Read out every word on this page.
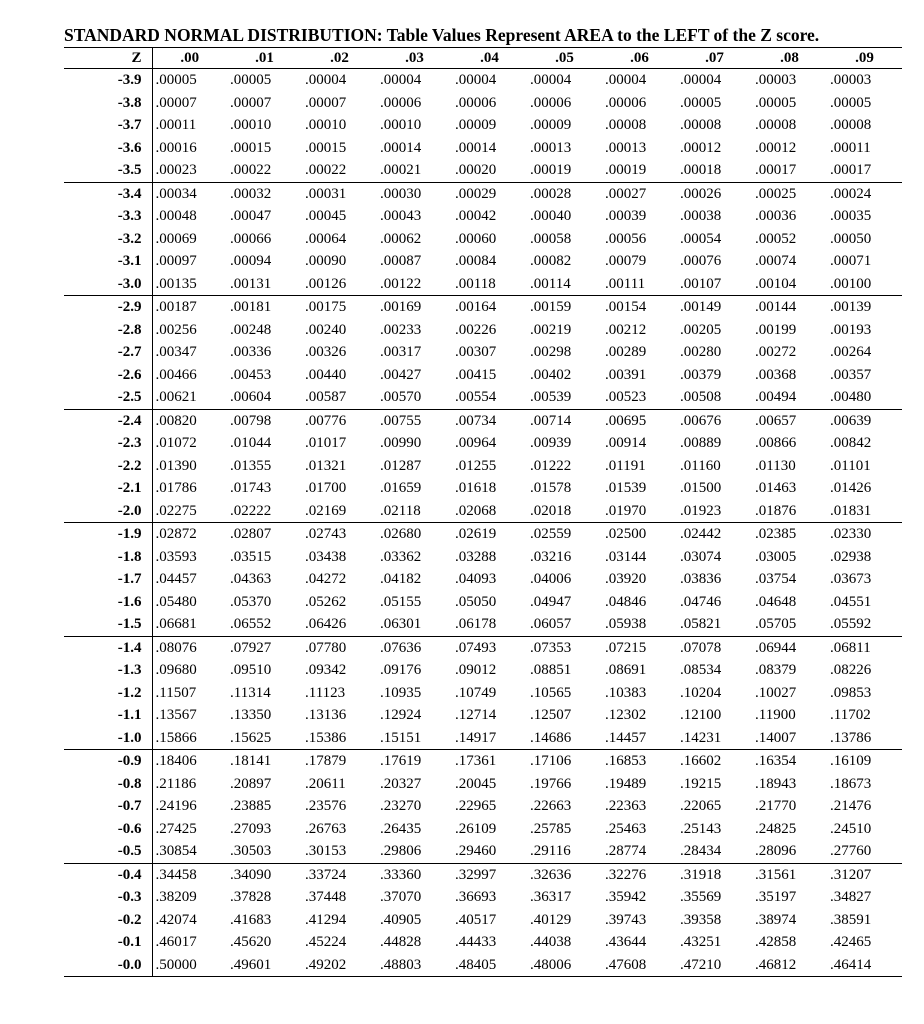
STANDARD NORMAL DISTRIBUTION: Table Values Represent AREA to the LEFT of the Z score.
Z	.00	.01	.02	.03	.04	.05	.06	.07	.08	.09
-3.9	.00005	.00005	.00004	.00004	.00004	.00004	.00004	.00004	.00003	.00003
-3.8	.00007	.00007	.00007	.00006	.00006	.00006	.00006	.00005	.00005	.00005
-3.7	.00011	.00010	.00010	.00010	.00009	.00009	.00008	.00008	.00008	.00008
-3.6	.00016	.00015	.00015	.00014	.00014	.00013	.00013	.00012	.00012	.00011
-3.5	.00023	.00022	.00022	.00021	.00020	.00019	.00019	.00018	.00017	.00017
-3.4	.00034	.00032	.00031	.00030	.00029	.00028	.00027	.00026	.00025	.00024
-3.3	.00048	.00047	.00045	.00043	.00042	.00040	.00039	.00038	.00036	.00035
-3.2	.00069	.00066	.00064	.00062	.00060	.00058	.00056	.00054	.00052	.00050
-3.1	.00097	.00094	.00090	.00087	.00084	.00082	.00079	.00076	.00074	.00071
-3.0	.00135	.00131	.00126	.00122	.00118	.00114	.00111	.00107	.00104	.00100
-2.9	.00187	.00181	.00175	.00169	.00164	.00159	.00154	.00149	.00144	.00139
-2.8	.00256	.00248	.00240	.00233	.00226	.00219	.00212	.00205	.00199	.00193
-2.7	.00347	.00336	.00326	.00317	.00307	.00298	.00289	.00280	.00272	.00264
-2.6	.00466	.00453	.00440	.00427	.00415	.00402	.00391	.00379	.00368	.00357
-2.5	.00621	.00604	.00587	.00570	.00554	.00539	.00523	.00508	.00494	.00480
-2.4	.00820	.00798	.00776	.00755	.00734	.00714	.00695	.00676	.00657	.00639
-2.3	.01072	.01044	.01017	.00990	.00964	.00939	.00914	.00889	.00866	.00842
-2.2	.01390	.01355	.01321	.01287	.01255	.01222	.01191	.01160	.01130	.01101
-2.1	.01786	.01743	.01700	.01659	.01618	.01578	.01539	.01500	.01463	.01426
-2.0	.02275	.02222	.02169	.02118	.02068	.02018	.01970	.01923	.01876	.01831
-1.9	.02872	.02807	.02743	.02680	.02619	.02559	.02500	.02442	.02385	.02330
-1.8	.03593	.03515	.03438	.03362	.03288	.03216	.03144	.03074	.03005	.02938
-1.7	.04457	.04363	.04272	.04182	.04093	.04006	.03920	.03836	.03754	.03673
-1.6	.05480	.05370	.05262	.05155	.05050	.04947	.04846	.04746	.04648	.04551
-1.5	.06681	.06552	.06426	.06301	.06178	.06057	.05938	.05821	.05705	.05592
-1.4	.08076	.07927	.07780	.07636	.07493	.07353	.07215	.07078	.06944	.06811
-1.3	.09680	.09510	.09342	.09176	.09012	.08851	.08691	.08534	.08379	.08226
-1.2	.11507	.11314	.11123	.10935	.10749	.10565	.10383	.10204	.10027	.09853
-1.1	.13567	.13350	.13136	.12924	.12714	.12507	.12302	.12100	.11900	.11702
-1.0	.15866	.15625	.15386	.15151	.14917	.14686	.14457	.14231	.14007	.13786
-0.9	.18406	.18141	.17879	.17619	.17361	.17106	.16853	.16602	.16354	.16109
-0.8	.21186	.20897	.20611	.20327	.20045	.19766	.19489	.19215	.18943	.18673
-0.7	.24196	.23885	.23576	.23270	.22965	.22663	.22363	.22065	.21770	.21476
-0.6	.27425	.27093	.26763	.26435	.26109	.25785	.25463	.25143	.24825	.24510
-0.5	.30854	.30503	.30153	.29806	.29460	.29116	.28774	.28434	.28096	.27760
-0.4	.34458	.34090	.33724	.33360	.32997	.32636	.32276	.31918	.31561	.31207
-0.3	.38209	.37828	.37448	.37070	.36693	.36317	.35942	.35569	.35197	.34827
-0.2	.42074	.41683	.41294	.40905	.40517	.40129	.39743	.39358	.38974	.38591
-0.1	.46017	.45620	.45224	.44828	.44433	.44038	.43644	.43251	.42858	.42465
-0.0	.50000	.49601	.49202	.48803	.48405	.48006	.47608	.47210	.46812	.46414
